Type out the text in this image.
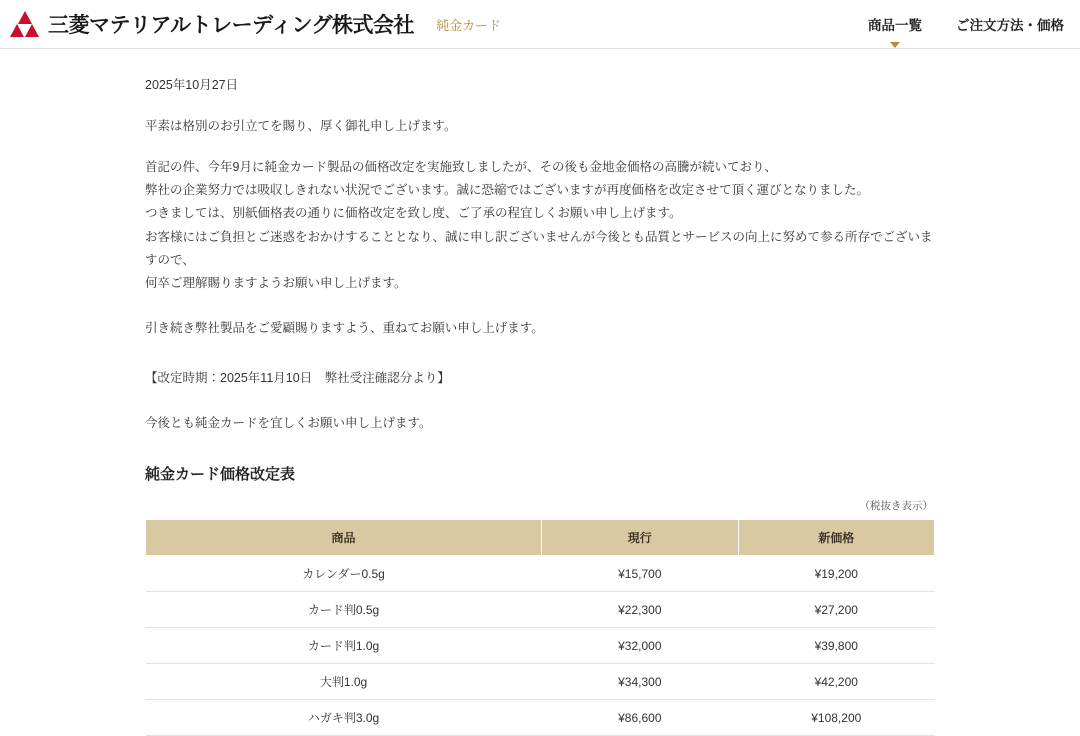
三菱マテリアルトレーディング株式会社 純金カード	商品一覧	ご注文方法・価格
2025年10月27日
平素は格別のお引立てを賜り、厚く御礼申し上げます。
首記の件、今年9月に純金カード製品の価格改定を実施致しましたが、その後も金地金価格の高騰が続いており、
弊社の企業努力では吸収しきれない状況でございます。誠に恐縮ではございますが再度価格を改定させて頂く運びとなりました。
つきましては、別紙価格表の通りに価格改定を致し度、ご了承の程宜しくお願い申し上げます。
お客様にはご負担とご迷惑をおかけすることとなり、誠に申し訳ございませんが今後とも品質とサービスの向上に努めて参る所存でございますので、
何卒ご理解賜りますようお願い申し上げます。
引き続き弊社製品をご愛顧賜りますよう、重ねてお願い申し上げます。
【改定時期：2025年11月10日　弊社受注確認分より】
今後とも純金カードを宜しくお願い申し上げます。
純金カード価格改定表
（税抜き表示）
商品	現行	新価格
カレンダー0.5g	¥15,700	¥19,200
カード判0.5g	¥22,300	¥27,200
カード判1.0g	¥32,000	¥39,800
大判1.0g	¥34,300	¥42,200
ハガキ判3.0g	¥86,600	¥108,200
